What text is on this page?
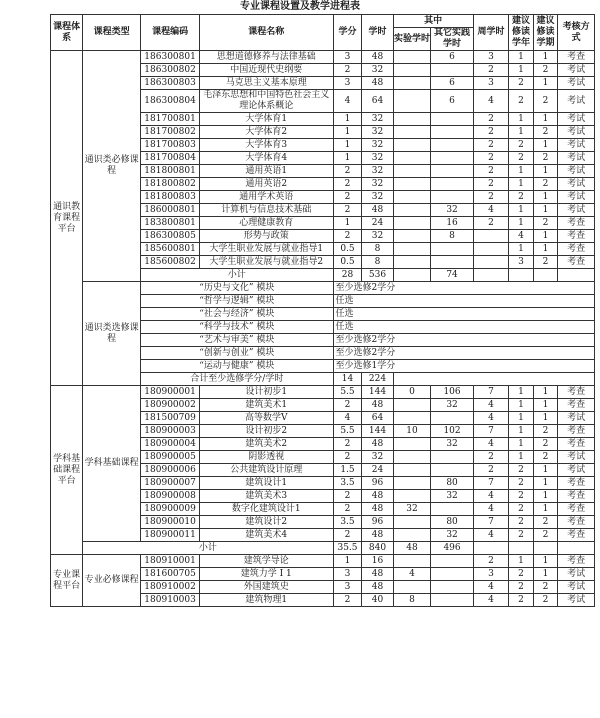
专业课程设置及教学进程表
课程体系	课程类型	课程编码	课程名称	学分	学时	其中		周学时	建议修读学年	建议修读学期	考核方式
						实验学时	其它实践学时				
通识教育课程平台	通识类必修课程	186300801	思想道德修养与法律基础	3	48		6	3	1	1	考查
		186300802	中国近现代史纲要	2	32			2	1	2	考试
		186300803	马克思主义基本原理	3	48		6	3	2	1	考试
		186300804	毛泽东思想和中国特色社会主义理论体系概论	4	64		6	4	2	2	考试
		181700801	大学体育1	1	32			2	1	1	考试
		181700802	大学体育2	1	32			2	1	2	考试
		181700803	大学体育3	1	32			2	2	1	考试
		181700804	大学体育4	1	32			2	2	2	考试
		181800801	通用英语1	2	32			2	1	1	考试
		181800802	通用英语2	2	32			2	1	2	考试
		181800803	通用学术英语	2	32			2	2	1	考试
		186000801	计算机与信息技术基础	2	48		32	4	1	1	考试
		183800801	心理健康教育	1	24		16	2	1	2	考查
		186300805	形势与政策	2	32		8		4	1	考查
		185600801	大学生职业发展与就业指导1	0.5	8				1	1	考查
		185600802	大学生职业发展与就业指导2	0.5	8				3	2	考查
		小计		28	536		74				
	通识类选修课程	“历史与文化” 模块		至少选修2学分							
		“哲学与逻辑” 模块		任选							
		“社会与经济” 模块		任选							
		“科学与技术” 模块		任选							
		“艺术与审美” 模块		至少选修2学分							
		“创新与创业” 模块		至少选修2学分							
		“运动与健康” 模块		至少选修1学分							
		合计至少选修学分/学时		14	224						
学科基础课程平台	学科基础课程	180900001	设计初步1	5.5	144	0	106	7	1	1	考查
		180900002	建筑美术1	2	48		32	4	1	1	考查
		181500709	高等数学V	4	64			4	1	1	考试
		180900003	设计初步2	5.5	144	10	102	7	1	2	考查
		180900004	建筑美术2	2	48		32	4	1	2	考查
		180900005	阴影透视	2	32			2	1	2	考试
		180900006	公共建筑设计原理	1.5	24			2	2	1	考试
		180900007	建筑设计1	3.5	96		80	7	2	1	考查
		180900008	建筑美术3	2	48		32	4	2	1	考查
		180900009	数字化建筑设计1	2	48	32		4	2	1	考查
		180900010	建筑设计2	3.5	96		80	7	2	2	考查
		180900011	建筑美术4	2	48		32	4	2	2	考查
	小计			35.5	840	48	496				
专业课程平台	专业必修课程	180910001	建筑学导论	1	16			2	1	1	考查
		181600705	建筑力学 I 1	3	48	4		3	2	1	考试
		180910002	外国建筑史	3	48			4	2	2	考试
		180910003	建筑物理1	2	40	8		4	2	2	考试
